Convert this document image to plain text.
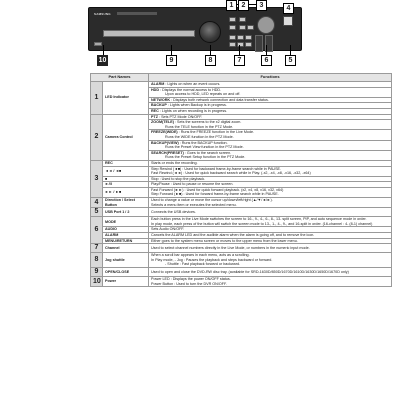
SAMSUNG
1	2	3	4
10	9	8	7	6	5
Part Names		Functions
1	LED Indicator	ALARM : Lights on when an event occurs.
		HDD : Displays the normal access to HDD.
Upon access to HDD, LED repeats on and off.

		NETWORK : Displays both network connection and data transfer status.
		BACKUP : Lights when Backup is in progress.
		REC : Lights on when recording is in progress.
2	Camera Control	PTZ : Sets PTZ Mode ON/OFF.
		ZOOM(TELE) : Sets the screens to the x2 digital zoom.
Runs the TELE function in the PTZ Mode.

		FREEZE(WIDE) : Runs the FREEZE function in the Live Mode.
Runs the WIDE function in the PTZ Mode.

		BACKUP(VIEW) : Runs the BACKUP function.
Runs the Preset View function in the PTZ Mode.

		SEARCH(PRESET) : Goes to the search screen.
Runs the Preset Setup function in the PTZ Mode.

3	REC	Starts or ends the recording.
	◄◄ / ◄■	Step Rewind (◄■) : Used for backward frame-by-frame search while in PAUSE.
Fast Rewind (◄◄) : Used for quick backward search while in Play. (-x2, -x4, -x8, -x16, -x32, -x64)
	■	Stop : Used to stop the playback.
	►/II	Play/Pause : Used to pause or resume the screen.
	►► / ►■	Fast Forward (►►) : Used for quick forward playback. (x2, x4, x8, x16, x32, x64)
Step Forward (►■) : Used for forward frame-by-frame search while in PAUSE.
4	Direction / Select Button	Used to change a value or move the cursor up/down/left/right (▲/▼/◄/►).
Selects a menu item or executes the selected menu.
5	USB Port 1 / 2	Connects the USB devices.
6	MODE	Each button press in the Live Mode switches the screen to 16-, 9-, 4-, 6-, 8-, 13- split screen, PIP, and auto sequence mode in order.
In play mode, each press of the button will switch the screen mode to 13-, 1-, 4-, 9-, and 16-split in order. (16-channel : 4- (8-1) channel)
	AUDIO	Sets Audio ON/OFF.
	ALARM	Cancels the ALARM LED and the audible alarm when the alarm is going off, and to remove the icon.
	MENU/RETURN	Either goes to the system menu screen or moves to the upper menu from the lower menu.
7	Channel	Used to select channel numbers directly in the Live Mode, or numbers in the numeric input mode.
8	Jog shuttle	When a scroll bar appears in each menu, acts as a scrolling.
In Play mode, - Jog : Pauses the playback and steps backward or forward.
- Shuttle : Fast playback forward or backward.

9	OPEN/CLOSE	Used to open and close the DVD-RW disc tray. (available for SRD-1630D/850D/1670D/1610D/1630D/1650D/1670D only)
10	Power	Power LED : Displays the power ON/OFF status.
Power Button : Used to turn the DVR ON/OFF.
